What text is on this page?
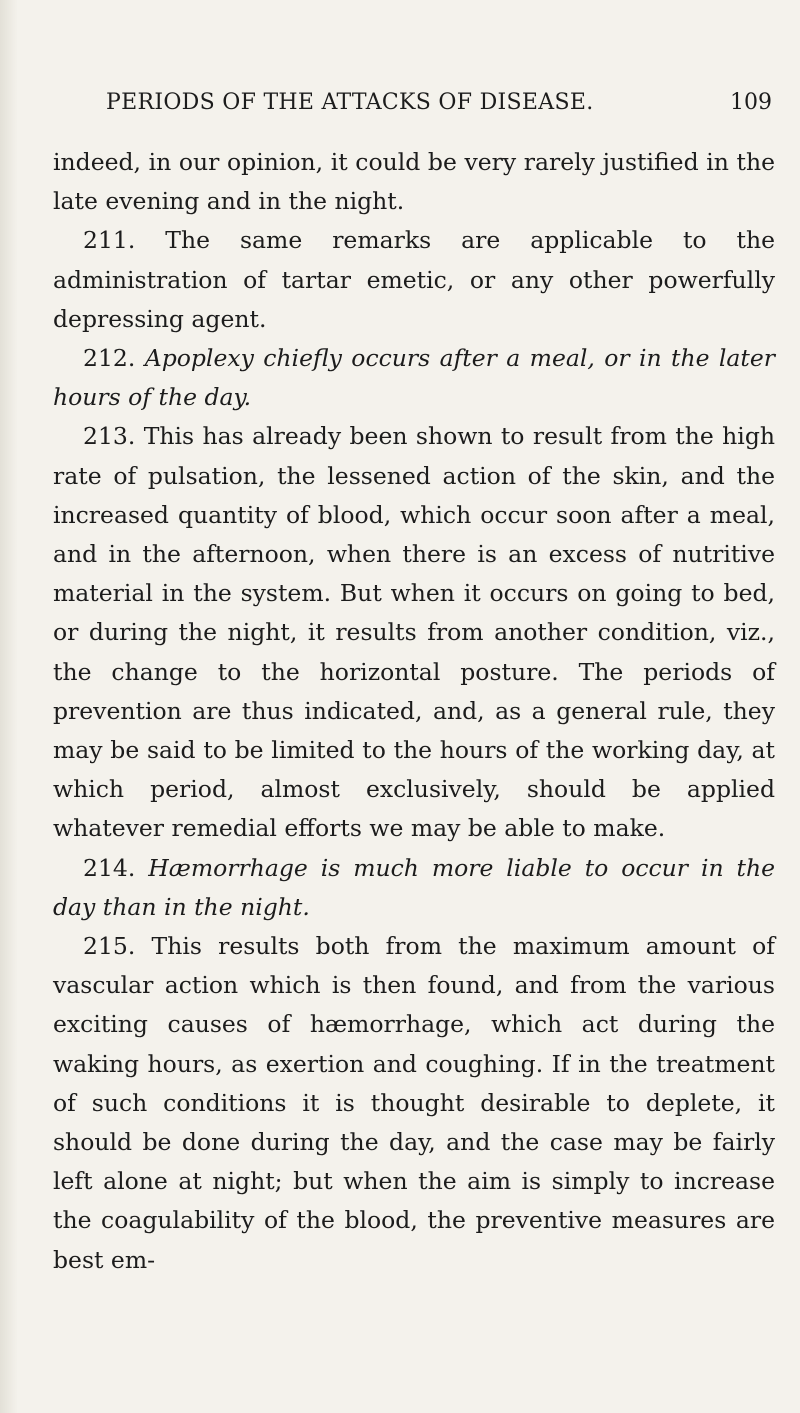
PERIODS OF THE ATTACKS OF DISEASE.	109

indeed, in our opinion, it could be very rarely justified in the late evening and in the night.

211. The same remarks are applicable to the administration of tartar emetic, or any other powerfully depressing agent.

212. Apoplexy chiefly occurs after a meal, or in the later hours of the day.

213. This has already been shown to result from the high rate of pulsation, the lessened action of the skin, and the increased quantity of blood, which occur soon after a meal, and in the afternoon, when there is an excess of nutritive material in the system. But when it occurs on going to bed, or during the night, it results from another condition, viz., the change to the horizontal posture. The periods of prevention are thus indicated, and, as a general rule, they may be said to be limited to the hours of the working day, at which period, almost exclusively, should be applied whatever remedial efforts we may be able to make.

214. Hæmorrhage is much more liable to occur in the day than in the night.

215. This results both from the maximum amount of vascular action which is then found, and from the various exciting causes of hæmorrhage, which act during the waking hours, as exertion and coughing. If in the treatment of such conditions it is thought desirable to deplete, it should be done during the day, and the case may be fairly left alone at night; but when the aim is simply to increase the coagulability of the blood, the preventive measures are best em-
